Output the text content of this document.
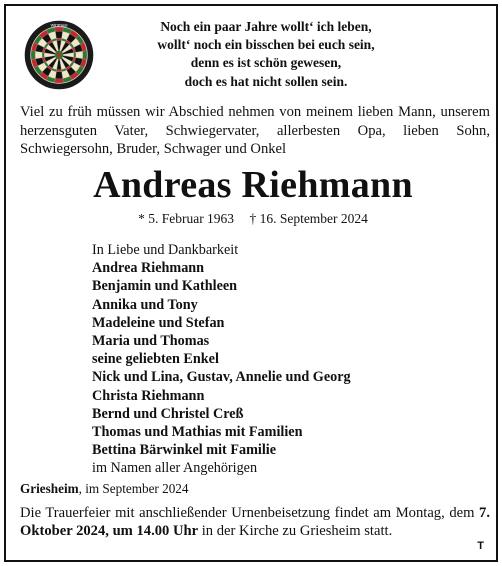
winmau	Noch ein paar Jahre wollt‘ ich leben,
wollt‘ noch ein bisschen bei euch sein,
denn es ist schön gewesen,
doch es hat nicht sollen sein.
Viel zu früh müssen wir Abschied nehmen von meinem lieben Mann, unserem herzensguten Vater, Schwiegervater, allerbesten Opa, lieben Sohn, Schwiegersohn, Bruder, Schwager und Onkel
Andreas Riehmann
* 5. Februar 1963 † 16. September 2024
In Liebe und Dankbarkeit
Andrea Riehmann
Benjamin und Kathleen
Annika und Tony
Madeleine und Stefan
Maria und Thomas
seine geliebten Enkel
Nick und Lina, Gustav, Annelie und Georg
Christa Riehmann
Bernd und Christel Creß
Thomas und Mathias mit Familien
Bettina Bärwinkel mit Familie
im Namen aller Angehörigen
Griesheim, im September 2024
Die Trauerfeier mit anschließender Urnenbeisetzung findet am Montag, dem 7. Oktober 2024, um 14.00 Uhr in der Kirche zu Griesheim statt.
T
